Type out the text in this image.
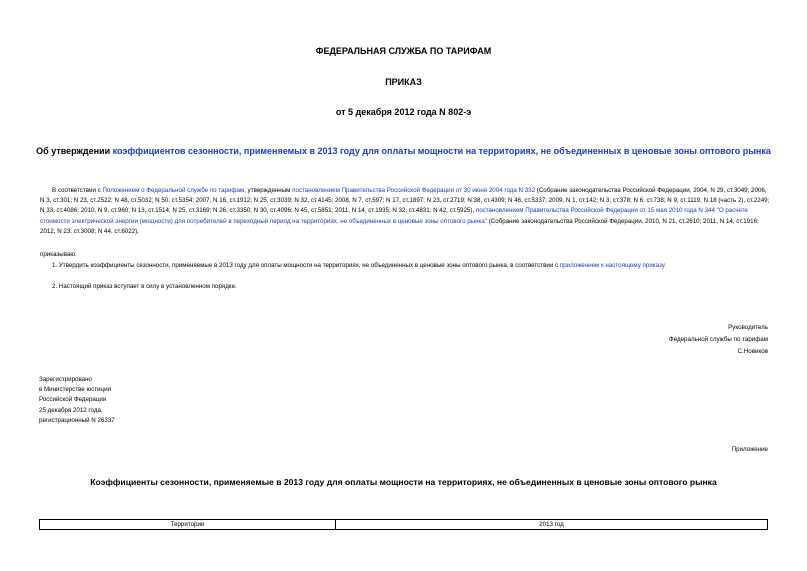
ФЕДЕРАЛЬНАЯ СЛУЖБА ПО ТАРИФАМ
ПРИКАЗ
от 5 декабря 2012 года N 802-э
Об утверждении коэффициентов сезонности, применяемых в 2013 году для оплаты мощности на территориях, не объединенных в ценовые зоны оптового рынка
В соответствии с Положением о Федеральной службе по тарифам, утвержденным постановлением Правительства Российской Федерации от 30 июня 2004 года N 332 (Собрание законодательства Российской Федерации, 2004, N 29, ст.3049; 2006, N 3, ст.301; N 23, ст.2522; N 48, ст.5032; N 50, ст.5354; 2007, N 16, ст.1912; N 25, ст.3039; N 32, ст.4145; 2008, N 7, ст.597; N 17, ст.1897; N 23, ст.2719; N 38, ст.4309; N 46, ст.5337; 2009, N 1, ст.142; N 3, ст.378; N 6, ст.738; N 9, ст.1119; N 18 (часть 2), ст.2249; N 33, ст.4086; 2010, N 9, ст.960; N 13, ст.1514; N 25, ст.3169; N 26, ст.3350; N 30, ст.4096; N 45, ст.5851; 2011, N 14, ст.1935; N 32, ст.4831; N 42, ст.5925), постановлением Правительства Российской Федерации от 15 мая 2010 года N 344 "О расчете стоимости электрической энергии (мощности) для потребителей в переходный период на территориях, не объединенных в ценовые зоны оптового рынка" (Собрание законодательства Российской Федерации, 2010, N 21, ст.2610; 2011, N 14, ст.1916; 2012, N 23, ст.3008; N 44, ст.6022),
приказываю:
1. Утвердить коэффициенты сезонности, применяемые в 2013 году для оплаты мощности на территориях, не объединенных в ценовые зоны оптового рынка, в соответствии с приложением к настоящему приказу.
2. Настоящий приказ вступает в силу в установленном порядке.
Руководитель
Федеральной службы по тарифам
С.Новиков
Зарегистрировано
в Министерстве юстиции
Российской Федерации
25 декабря 2012 года,
регистрационный N 26337
Приложение
Коэффициенты сезонности, применяемые в 2013 году для оплаты мощности на территориях, не объединенных в ценовые зоны оптового рынка
Территории	2013 год
